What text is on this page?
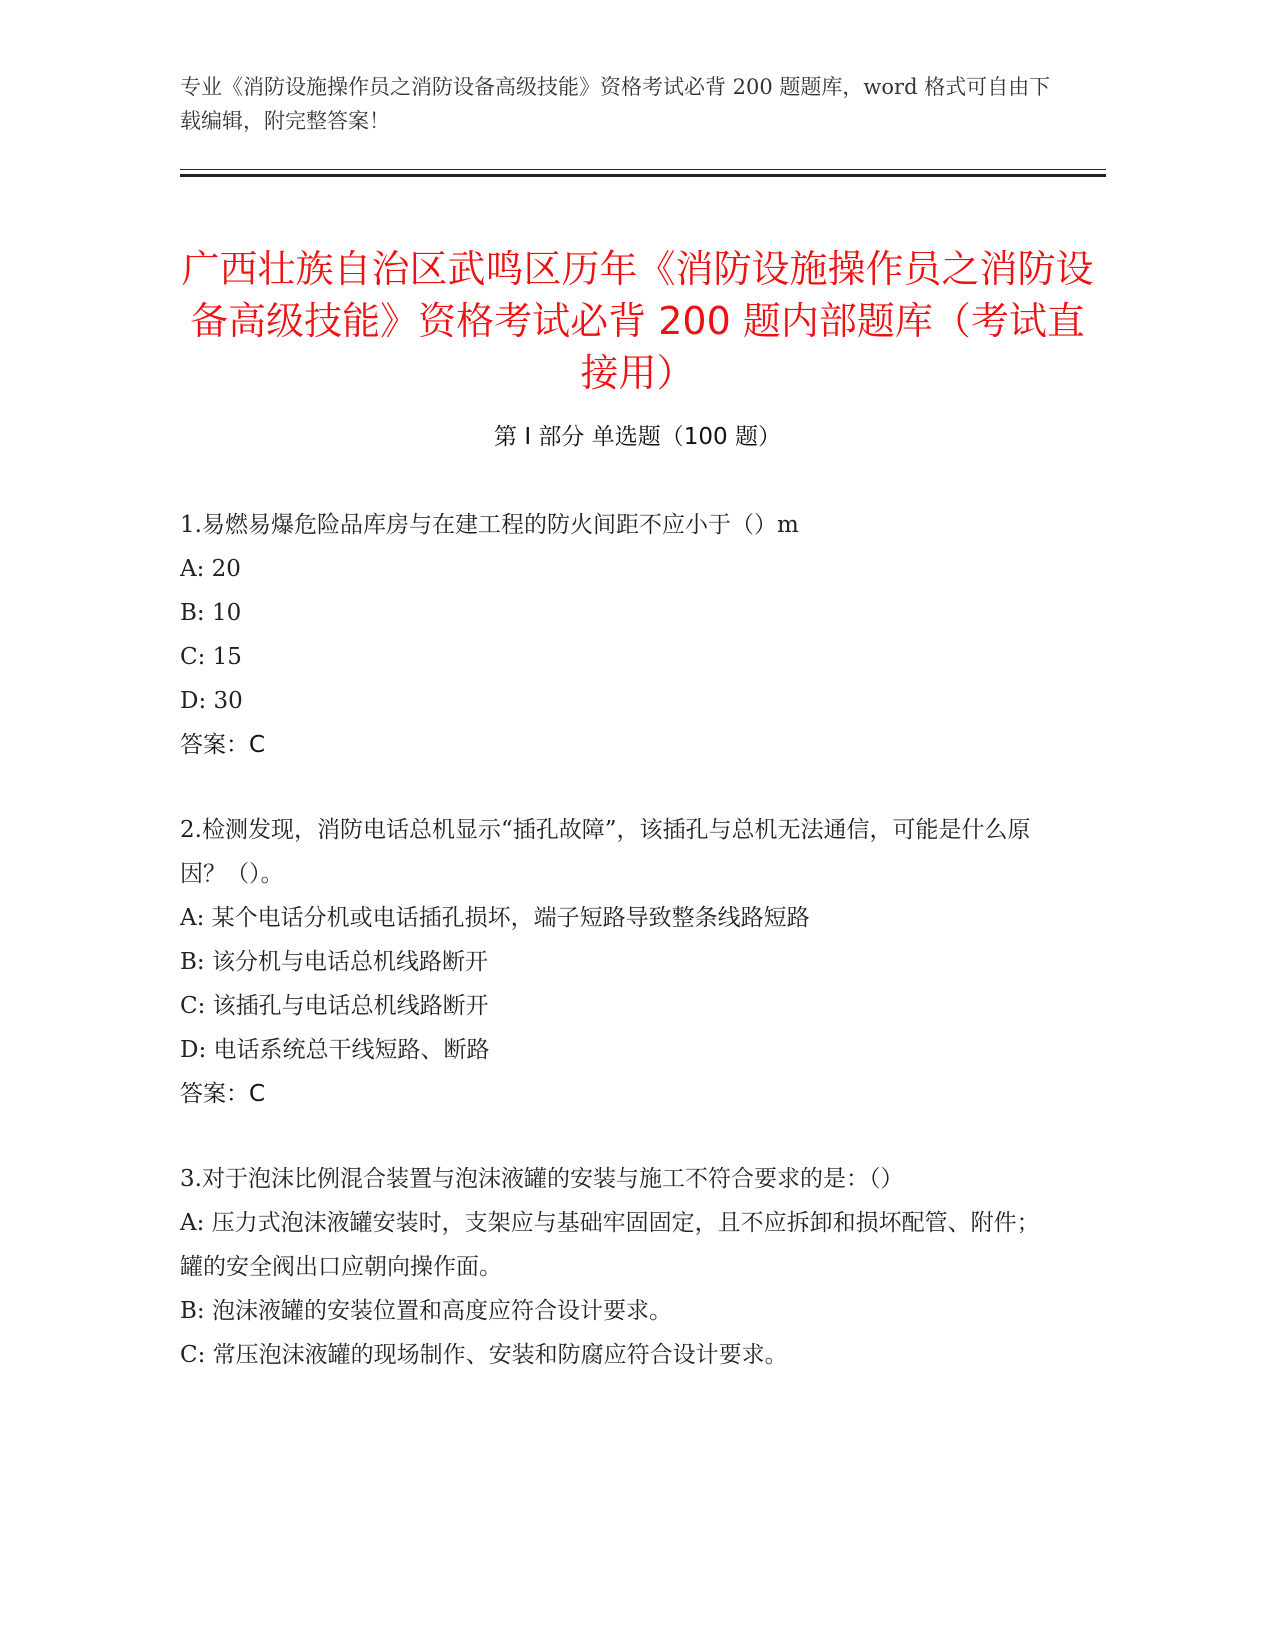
专业《消防设施操作员之消防设备高级技能》资格考试必背 200 题题库，word 格式可自由下载编辑，附完整答案！
广西壮族自治区武鸣区历年《消防设施操作员之消防设备高级技能》资格考试必背 200 题内部题库（考试直接用）
第 I 部分 单选题（100 题）
1.易燃易爆危险品库房与在建工程的防火间距不应小于（）m
A: 20
B: 10
C: 15
D: 30
答案：C
2.检测发现，消防电话总机显示“插孔故障”，该插孔与总机无法通信，可能是什么原因？（）。
A: 某个电话分机或电话插孔损坏，端子短路导致整条线路短路
B: 该分机与电话总机线路断开
C: 该插孔与电话总机线路断开
D: 电话系统总干线短路、断路
答案：C
3.对于泡沫比例混合装置与泡沫液罐的安装与施工不符合要求的是：（）
A: 压力式泡沫液罐安装时，支架应与基础牢固固定，且不应拆卸和损坏配管、附件；罐的安全阀出口应朝向操作面。
B: 泡沫液罐的安装位置和高度应符合设计要求。
C: 常压泡沫液罐的现场制作、安装和防腐应符合设计要求。
